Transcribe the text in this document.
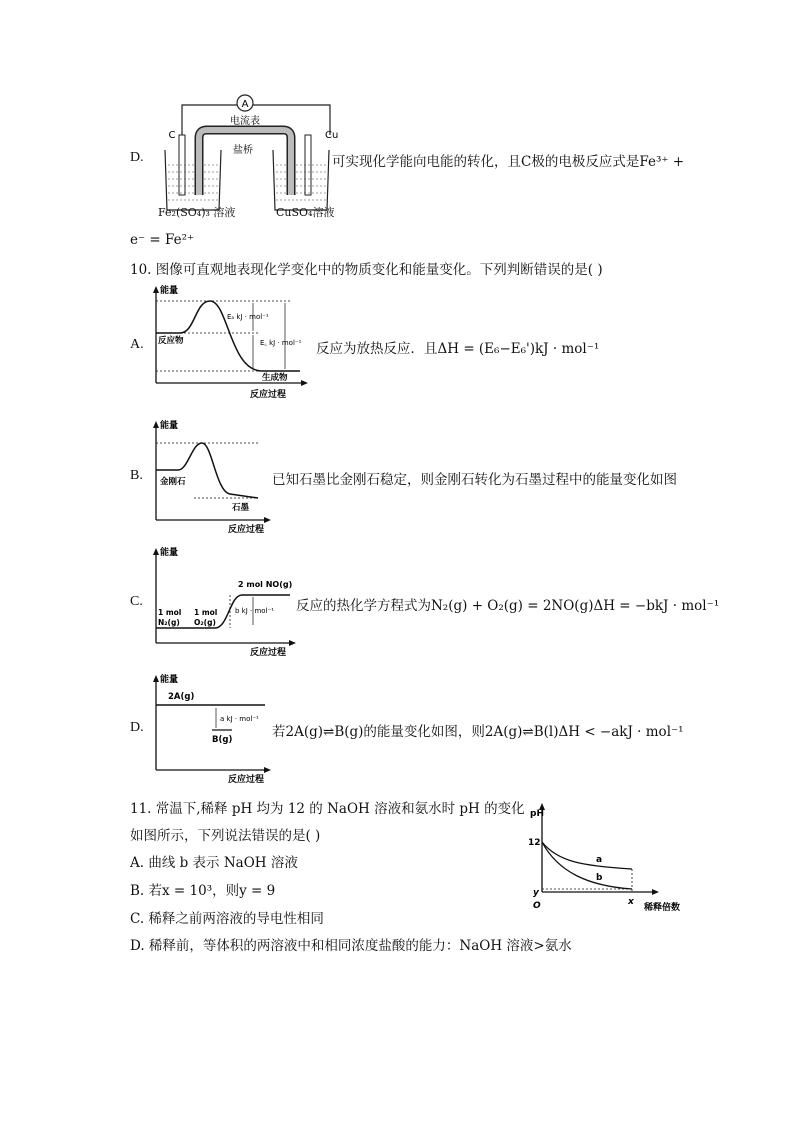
D.
A
电流表
C	Cu
盐桥
Fe₂(SO₄)₃ 溶液	CuSO₄溶液
可实现化学能向电能的转化，且C极的电极反应式是Fe³⁺ +
e⁻ = Fe²⁺
10. 图像可直观地表现化学变化中的物质变化和能量变化。下列判断错误的是( )
A.
能量
反应过程
反应物
生成物
Eₐ kJ · mol⁻¹
E꜀ kJ · mol⁻¹ 反应为放热反应．且ΔH = (E₆−E₆')kJ · mol⁻¹
B.
能量
反应过程
金刚石
石墨
已知石墨比金刚石稳定，则金刚石转化为石墨过程中的能量变化如图
C.
能量
反应过程
2 mol NO(g)
1 mol
N₂(g)
1 mol
O₂(g)
b kJ · mol⁻¹ 反应的热化学方程式为N₂(g) + O₂(g) = 2NO(g)ΔH = −bkJ · mol⁻¹
D.
能量
反应过程
2A(g)
B(g)
a kJ · mol⁻¹
若2A(g)⇌B(g)的能量变化如图，则2A(g)⇌B(l)ΔH < −akJ · mol⁻¹
11. 常温下,稀释 pH 均为 12 的 NaOH 溶液和氨水时 pH 的变化
如图所示，下列说法错误的是( )
A. 曲线 b 表示 NaOH 溶液
B. 若x = 10³，则y = 9
C. 稀释之前两溶液的导电性相同
D. 稀释前，等体积的两溶液中和相同浓度盐酸的能力：NaOH 溶液>氨水
pH
12
y
O	x
稀释倍数
a
b
